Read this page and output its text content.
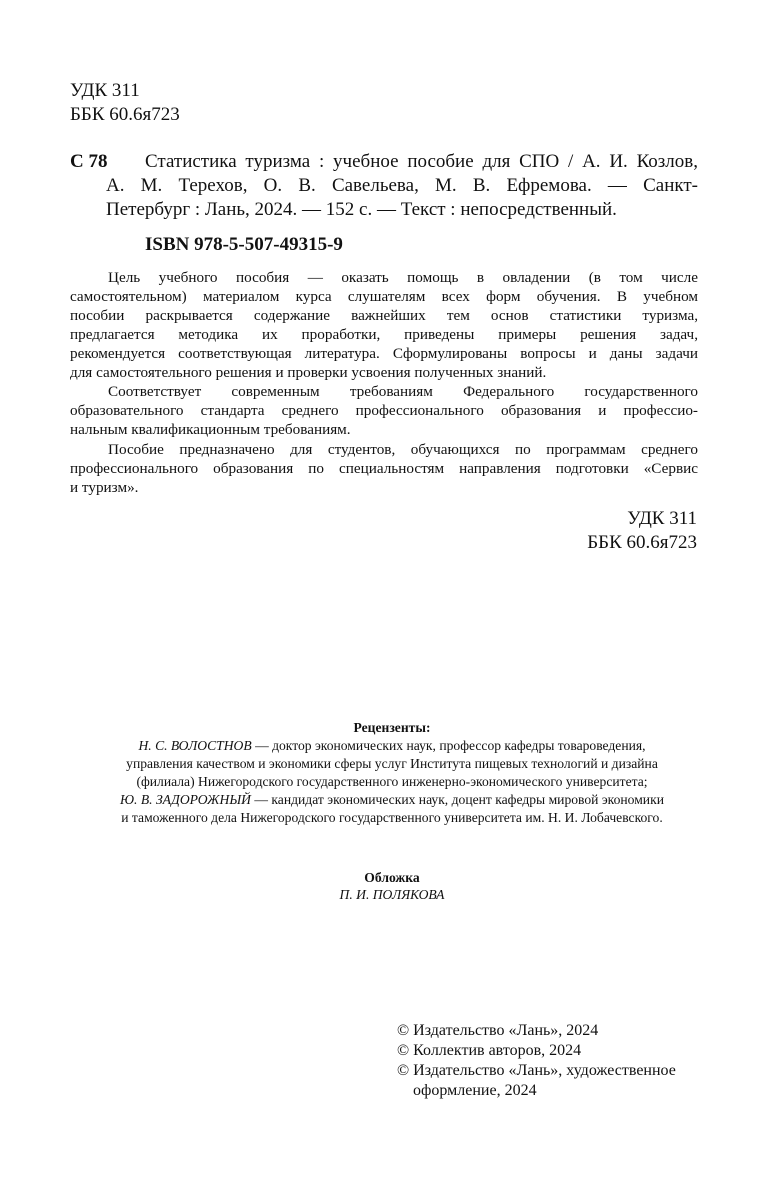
УДК 311
ББК 60.6я723
С 78 Статистика туризма : учебное пособие для СПО / А. И. Козлов,
А. М. Терехов, О. В. Савельева, М. В. Ефремова. — Санкт-
Петербург : Лань, 2024. — 152 с. — Текст : непосредственный.
ISBN 978-5-507-49315-9
Цель учебного пособия — оказать помощь в овладении (в том числе
самостоятельном) материалом курса слушателям всех форм обучения. В учебном
пособии раскрывается содержание важнейших тем основ статистики туризма,
предлагается методика их проработки, приведены примеры решения задач,
рекомендуется соответствующая литература. Сформулированы вопросы и даны задачи
для самостоятельного решения и проверки усвоения полученных знаний.
Соответствует современным требованиям Федерального государственного
образовательного стандарта среднего профессионального образования и профессио-
нальным квалификационным требованиям.
Пособие предназначено для студентов, обучающихся по программам среднего
профессионального образования по специальностям направления подготовки «Сервис
и туризм».
УДК 311
ББК 60.6я723
Рецензенты:
Н. С. ВОЛОСТНОВ — доктор экономических наук, профессор кафедры товароведения,
управления качеством и экономики сферы услуг Института пищевых технологий и дизайна
(филиала) Нижегородского государственного инженерно-экономического университета;
Ю. В. ЗАДОРОЖНЫЙ — кандидат экономических наук, доцент кафедры мировой экономики
и таможенного дела Нижегородского государственного университета им. Н. И. Лобачевского.
Обложка
П. И. ПОЛЯКОВА
© Издательство «Лань», 2024
© Коллектив авторов, 2024
© Издательство «Лань», художественное
оформление, 2024
